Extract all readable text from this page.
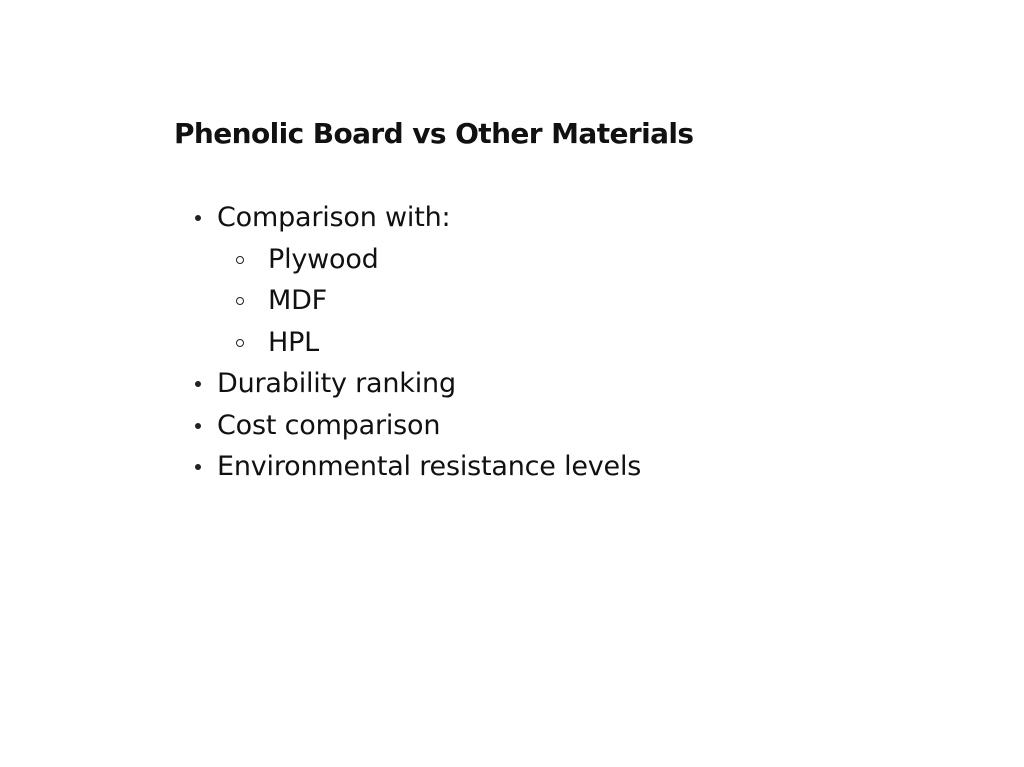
Phenolic Board vs Other Materials
Comparison with:
Plywood
MDF
HPL
Durability ranking
Cost comparison
Environmental resistance levels
